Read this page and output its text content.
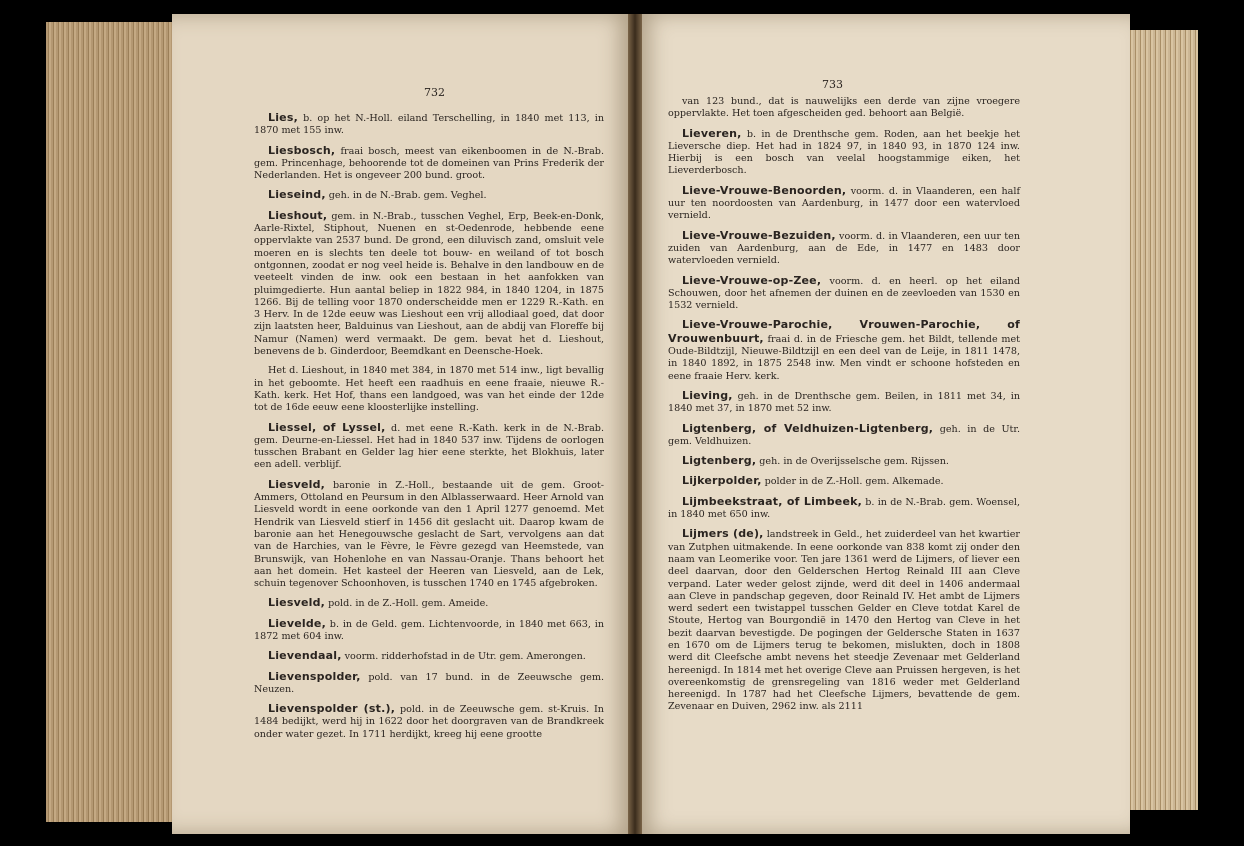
732
733

Lies, b. op het N.-Holl. eiland Terschelling, in 1840 met 113, in 1870 met 155 inw.

Liesbosch, fraai bosch, meest van eikenboomen in de N.-Brab. gem. Princenhage, behoorende tot de domeinen van Prins Frederik der Nederlanden. Het is ongeveer 200 bund. groot.

Lieseind, geh. in de N.-Brab. gem. Veghel.

Lieshout, gem. in N.-Brab., tusschen Veghel, Erp, Beek-en-Donk, Aarle-Rixtel, Stiphout, Nuenen en st-Oedenrode, hebbende eene oppervlakte van 2537 bund. De grond, een diluvisch zand, omsluit vele moeren en is slechts ten deele tot bouw- en weiland of tot bosch ontgonnen, zoodat er nog veel heide is. Behalve in den landbouw en de veeteelt vinden de inw. ook een bestaan in het aanfokken van pluimgedierte. Hun aantal beliep in 1822 984, in 1840 1204, in 1875 1266. Bij de telling voor 1870 onderscheidde men er 1229 R.-Kath. en 3 Herv. In de 12de eeuw was Lieshout een vrij allodiaal goed, dat door zijn laatsten heer, Balduinus van Lieshout, aan de abdij van Floreffe bij Namur (Namen) werd vermaakt. De gem. bevat het d. Lieshout, benevens de b. Ginderdoor, Beemdkant en Deensche-Hoek.

Het d. Lieshout, in 1840 met 384, in 1870 met 514 inw., ligt bevallig in het geboomte. Het heeft een raadhuis en eene fraaie, nieuwe R.-Kath. kerk. Het Hof, thans een landgoed, was van het einde der 12de tot de 16de eeuw eene kloosterlijke instelling.

Liessel, of Lyssel, d. met eene R.-Kath. kerk in de N.-Brab. gem. Deurne-en-Liessel. Het had in 1840 537 inw. Tijdens de oorlogen tusschen Brabant en Gelder lag hier eene sterkte, het Blokhuis, later een adell. verblijf.

Liesveld, baronie in Z.-Holl., bestaande uit de gem. Groot-Ammers, Ottoland en Peursum in den Alblasserwaard. Heer Arnold van Liesveld wordt in eene oorkonde van den 1 April 1277 genoemd. Met Hendrik van Liesveld stierf in 1456 dit geslacht uit. Daarop kwam de baronie aan het Henegouwsche geslacht de Sart, vervolgens aan dat van de Harchies, van le Fèvre, le Fèvre gezegd van Heemstede, van Brunswijk, van Hohenlohe en van Nassau-Oranje. Thans behoort het aan het domein. Het kasteel der Heeren van Liesveld, aan de Lek, schuin tegenover Schoonhoven, is tusschen 1740 en 1745 afgebroken.

Liesveld, pold. in de Z.-Holl. gem. Ameide.

Lievelde, b. in de Geld. gem. Lichtenvoorde, in 1840 met 663, in 1872 met 604 inw.

Lievendaal, voorm. ridderhofstad in de Utr. gem. Amerongen.

Lievenspolder, pold. van 17 bund. in de Zeeuwsche gem. Neuzen.

Lievenspolder (st.), pold. in de Zeeuwsche gem. st-Kruis. In 1484 bedijkt, werd hij in 1622 door het doorgraven van de Brandkreek onder water gezet. In 1711 herdijkt, kreeg hij eene grootte

van 123 bund., dat is nauwelijks een derde van zijne vroegere oppervlakte. Het toen afgescheiden ged. behoort aan België.

Lieveren, b. in de Drenthsche gem. Roden, aan het beekje het Lieversche diep. Het had in 1824 97, in 1840 93, in 1870 124 inw. Hierbij is een bosch van veelal hoogstammige eiken, het Lieverderbosch.

Lieve-Vrouwe-Benoorden, voorm. d. in Vlaanderen, een half uur ten noordoosten van Aardenburg, in 1477 door een watervloed vernield.

Lieve-Vrouwe-Bezuiden, voorm. d. in Vlaanderen, een uur ten zuiden van Aardenburg, aan de Ede, in 1477 en 1483 door watervloeden vernield.

Lieve-Vrouwe-op-Zee, voorm. d. en heerl. op het eiland Schouwen, door het afnemen der duinen en de zeevloeden van 1530 en 1532 vernield.

Lieve-Vrouwe-Parochie, Vrouwen-Parochie, of Vrouwenbuurt, fraai d. in de Friesche gem. het Bildt, tellende met Oude-Bildtzijl, Nieuwe-Bildtzijl en een deel van de Leije, in 1811 1478, in 1840 1892, in 1875 2548 inw. Men vindt er schoone hofsteden en eene fraaie Herv. kerk.

Lieving, geh. in de Drenthsche gem. Beilen, in 1811 met 34, in 1840 met 37, in 1870 met 52 inw.

Ligtenberg, of Veldhuizen-Ligtenberg, geh. in de Utr. gem. Veldhuizen.

Ligtenberg, geh. in de Overijsselsche gem. Rijssen.

Lijkerpolder, polder in de Z.-Holl. gem. Alkemade.

Lijmbeekstraat, of Limbeek, b. in de N.-Brab. gem. Woensel, in 1840 met 650 inw.

Lijmers (de), landstreek in Geld., het zuiderdeel van het kwartier van Zutphen uitmakende. In eene oorkonde van 838 komt zij onder den naam van Leomerike voor. Ten jare 1361 werd de Lijmers, of liever een deel daarvan, door den Gelderschen Hertog Reinald III aan Cleve verpand. Later weder gelost zijnde, werd dit deel in 1406 andermaal aan Cleve in pandschap gegeven, door Reinald IV. Het ambt de Lijmers werd sedert een twistappel tusschen Gelder en Cleve totdat Karel de Stoute, Hertog van Bourgondië in 1470 den Hertog van Cleve in het bezit daarvan bevestigde. De pogingen der Geldersche Staten in 1637 en 1670 om de Lijmers terug te bekomen, mislukten, doch in 1808 werd dit Cleefsche ambt nevens het steedje Zevenaar met Gelderland hereenigd. In 1814 met het overige Cleve aan Pruissen hergeven, is het overeenkomstig de grensregeling van 1816 weder met Gelderland hereenigd. In 1787 had het Cleefsche Lijmers, bevattende de gem. Zevenaar en Duiven, 2962 inw. als 2111
